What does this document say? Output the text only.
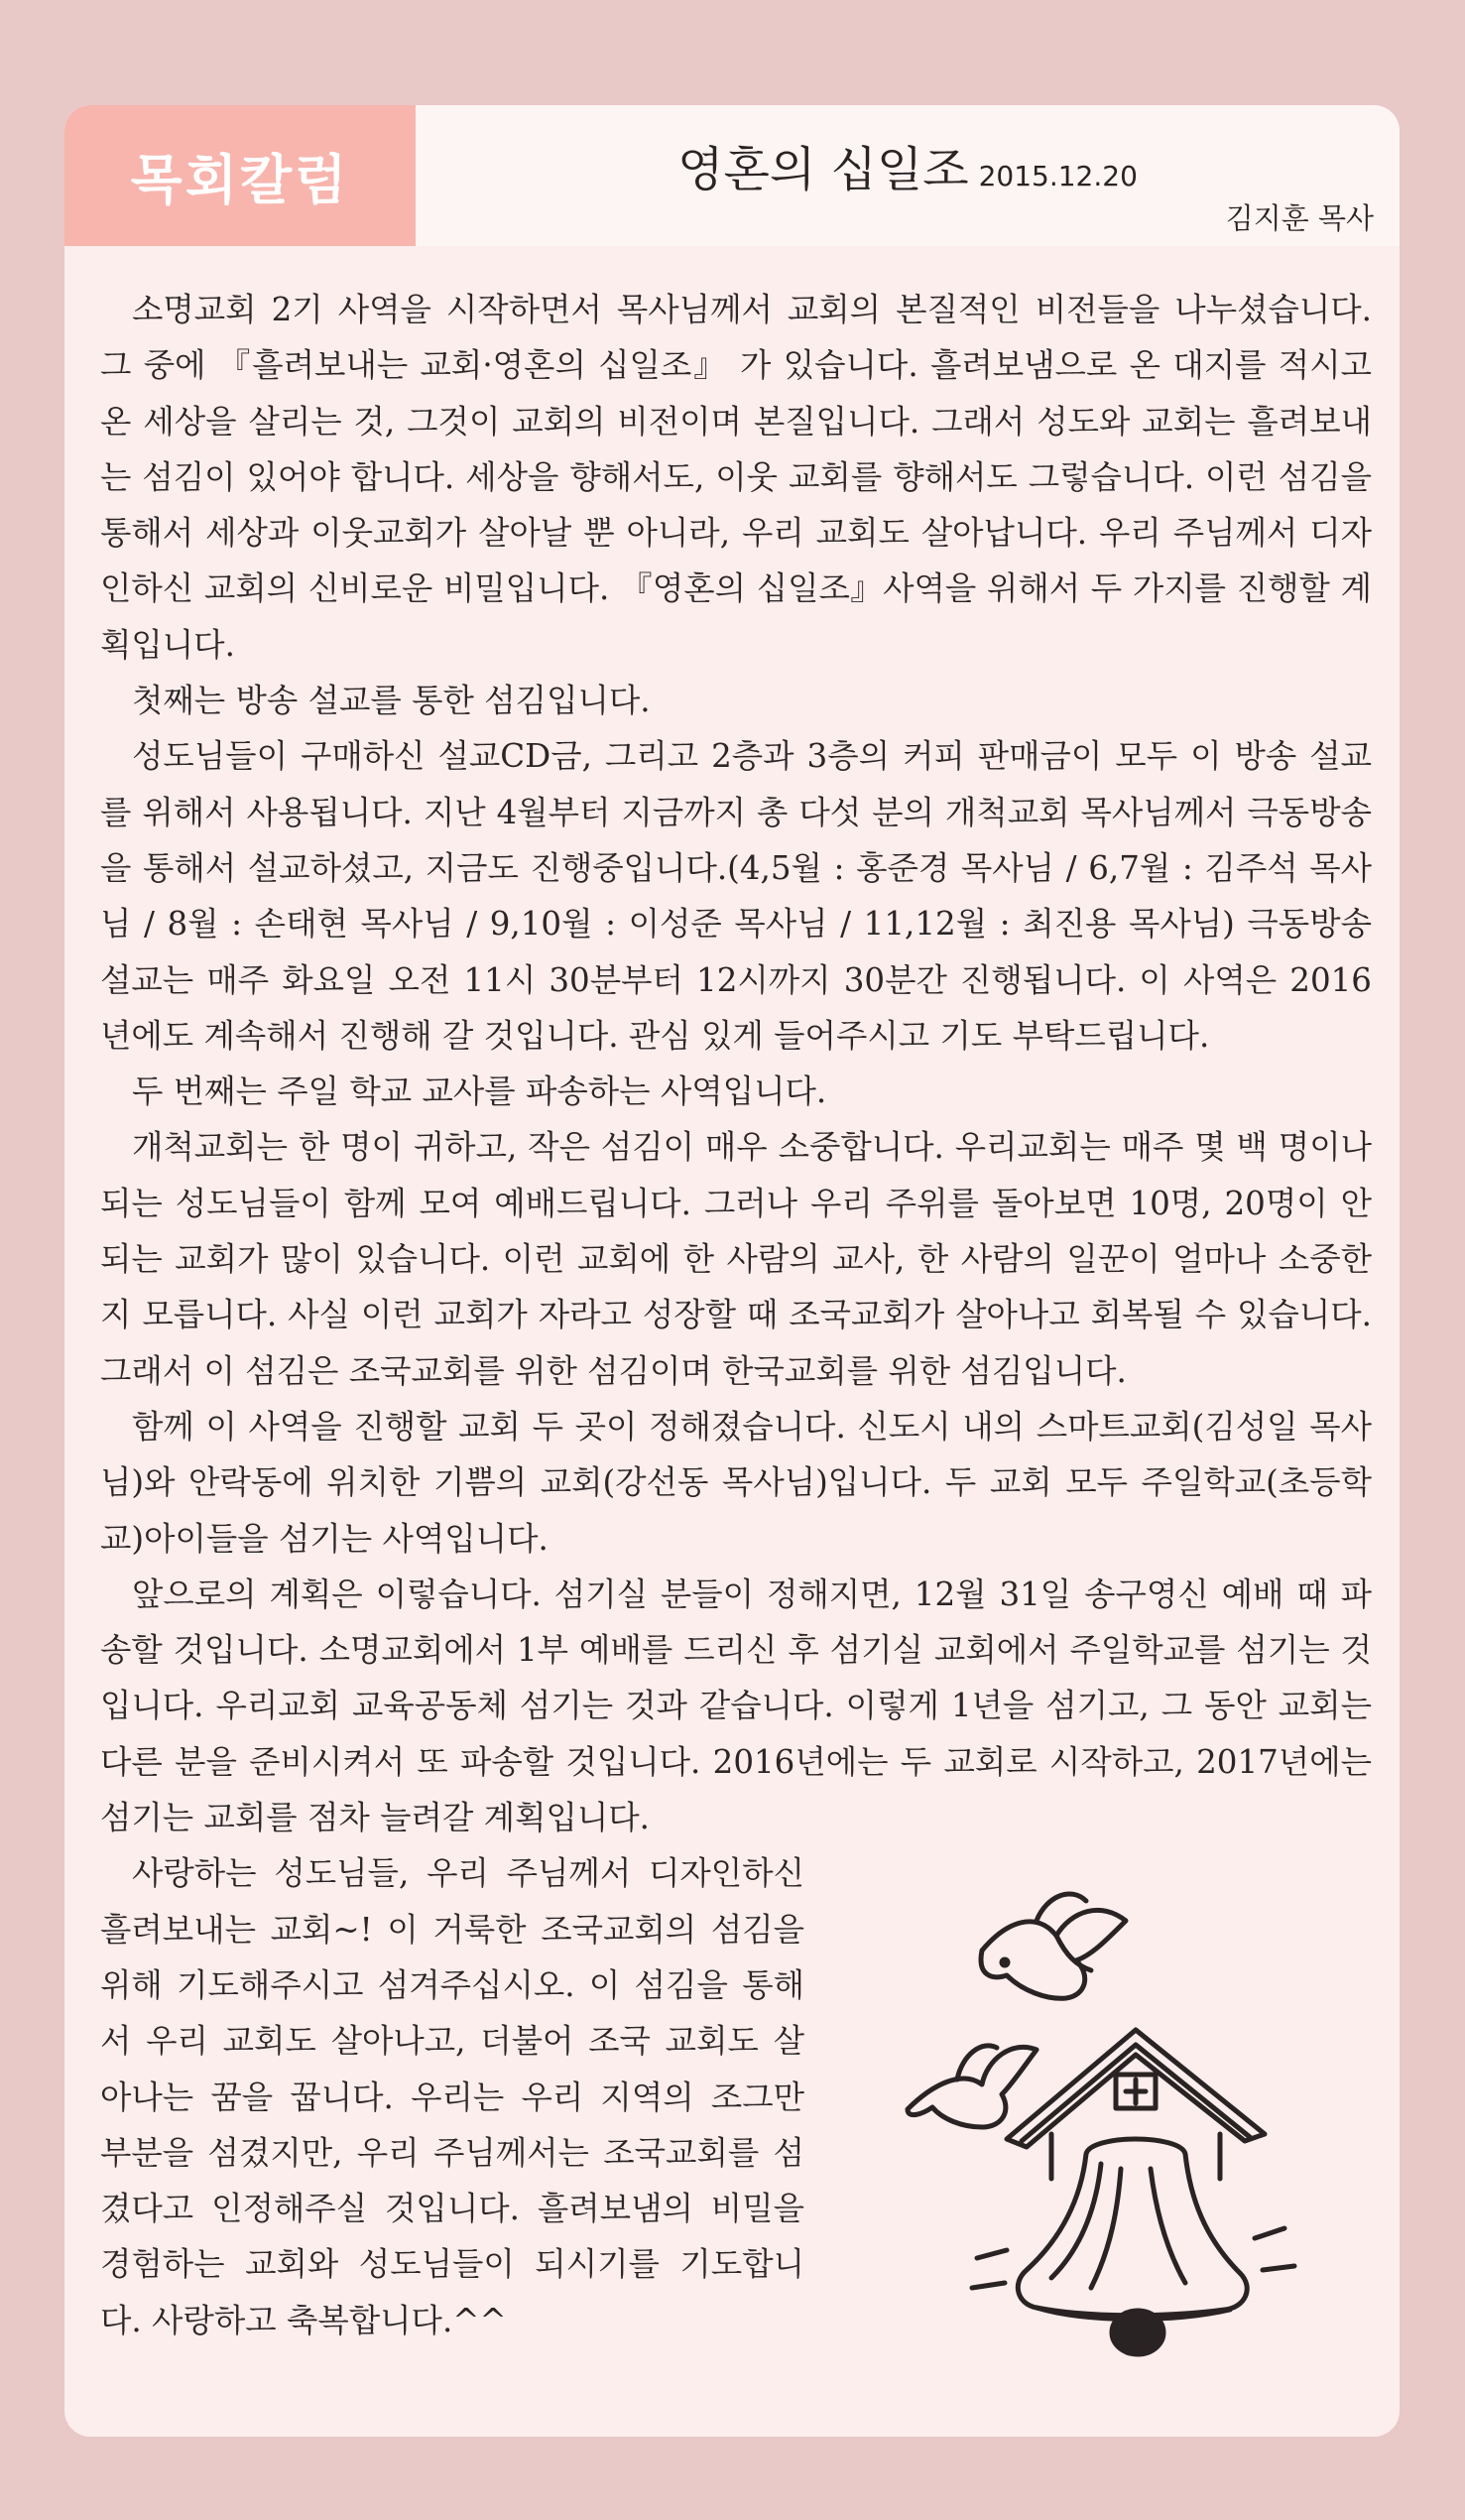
목회칼럼	영혼의 십일조 2015.12.20
김지훈 목사

소명교회 2기 사역을 시작하면서 목사님께서 교회의 본질적인 비전들을 나누셨습니다. 그 중에 『흘려보내는 교회·영혼의 십일조』 가 있습니다. 흘려보냄으로 온 대지를 적시고 온 세상을 살리는 것, 그것이 교회의 비전이며 본질입니다. 그래서 성도와 교회는 흘려보내는 섬김이 있어야 합니다. 세상을 향해서도, 이웃 교회를 향해서도 그렇습니다. 이런 섬김을 통해서 세상과 이웃교회가 살아날 뿐 아니라, 우리 교회도 살아납니다. 우리 주님께서 디자인하신 교회의 신비로운 비밀입니다. 『영혼의 십일조』사역을 위해서 두 가지를 진행할 계획입니다.

첫째는 방송 설교를 통한 섬김입니다.

성도님들이 구매하신 설교CD금, 그리고 2층과 3층의 커피 판매금이 모두 이 방송 설교를 위해서 사용됩니다. 지난 4월부터 지금까지 총 다섯 분의 개척교회 목사님께서 극동방송을 통해서 설교하셨고, 지금도 진행중입니다.(4,5월 : 홍준경 목사님 / 6,7월 : 김주석 목사님 / 8월 : 손태현 목사님 / 9,10월 : 이성준 목사님 / 11,12월 : 최진용 목사님) 극동방송 설교는 매주 화요일 오전 11시 30분부터 12시까지 30분간 진행됩니다. 이 사역은 2016년에도 계속해서 진행해 갈 것입니다. 관심 있게 들어주시고 기도 부탁드립니다.

두 번째는 주일 학교 교사를 파송하는 사역입니다.

개척교회는 한 명이 귀하고, 작은 섬김이 매우 소중합니다. 우리교회는 매주 몇 백 명이나 되는 성도님들이 함께 모여 예배드립니다. 그러나 우리 주위를 돌아보면 10명, 20명이 안 되는 교회가 많이 있습니다. 이런 교회에 한 사람의 교사, 한 사람의 일꾼이 얼마나 소중한지 모릅니다. 사실 이런 교회가 자라고 성장할 때 조국교회가 살아나고 회복될 수 있습니다. 그래서 이 섬김은 조국교회를 위한 섬김이며 한국교회를 위한 섬김입니다.

함께 이 사역을 진행할 교회 두 곳이 정해졌습니다. 신도시 내의 스마트교회(김성일 목사님)와 안락동에 위치한 기쁨의 교회(강선동 목사님)입니다. 두 교회 모두 주일학교(초등학교)아이들을 섬기는 사역입니다.

앞으로의 계획은 이렇습니다. 섬기실 분들이 정해지면, 12월 31일 송구영신 예배 때 파송할 것입니다. 소명교회에서 1부 예배를 드리신 후 섬기실 교회에서 주일학교를 섬기는 것입니다. 우리교회 교육공동체 섬기는 것과 같습니다. 이렇게 1년을 섬기고, 그 동안 교회는 다른 분을 준비시켜서 또 파송할 것입니다. 2016년에는 두 교회로 시작하고, 2017년에는 섬기는 교회를 점차 늘려갈 계획입니다.

사랑하는 성도님들, 우리 주님께서 디자인하신 흘려보내는 교회~! 이 거룩한 조국교회의 섬김을 위해 기도해주시고 섬겨주십시오. 이 섬김을 통해서 우리 교회도 살아나고, 더불어 조국 교회도 살아나는 꿈을 꿉니다. 우리는 우리 지역의 조그만 부분을 섬겼지만, 우리 주님께서는 조국교회를 섬겼다고 인정해주실 것입니다. 흘려보냄의 비밀을 경험하는 교회와 성도님들이 되시기를 기도합니다. 사랑하고 축복합니다.^^
